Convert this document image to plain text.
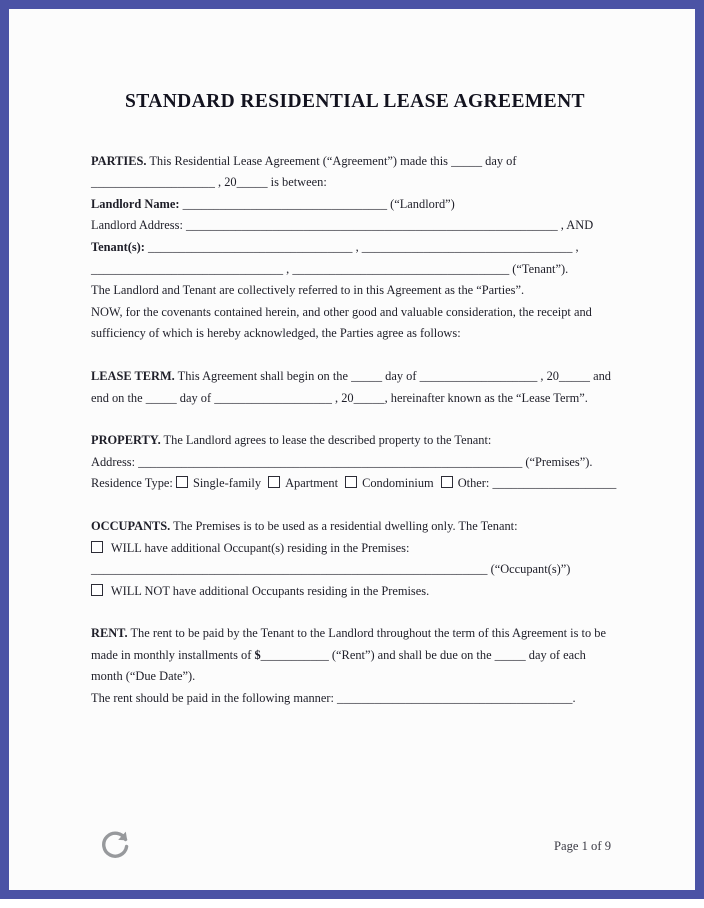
STANDARD RESIDENTIAL LEASE AGREEMENT

PARTIES. This Residential Lease Agreement (“Agreement”) made this _____ day of ____________________ , 20_____ is between:

Landlord Name: _________________________________ (“Landlord”)

Landlord Address: ____________________________________________________________ , AND

Tenant(s): _________________________________ , __________________________________ ,
_______________________________ , ___________________________________ (“Tenant”).

The Landlord and Tenant are collectively referred to in this Agreement as the “Parties”.

NOW, for the covenants contained herein, and other good and valuable consideration, the receipt and sufficiency of which is hereby acknowledged, the Parties agree as follows:

LEASE TERM. This Agreement shall begin on the _____ day of ___________________ , 20_____ and end on the _____ day of ___________________ , 20_____, hereinafter known as the “Lease Term”.

PROPERTY. The Landlord agrees to lease the described property to the Tenant:

Address: ______________________________________________________________ (“Premises”).

Residence Type: Single-family Apartment Condominium Other: ____________________

OCCUPANTS. The Premises is to be used as a residential dwelling only. The Tenant:

WILL have additional Occupant(s) residing in the Premises:

________________________________________________________________ (“Occupant(s)”)

WILL NOT have additional Occupants residing in the Premises.

RENT. The rent to be paid by the Tenant to the Landlord throughout the term of this Agreement is to be made in monthly installments of $___________ (“Rent”) and shall be due on the _____ day of each month (“Due Date”).

The rent should be paid in the following manner: ______________________________________.

Page 1 of 9
